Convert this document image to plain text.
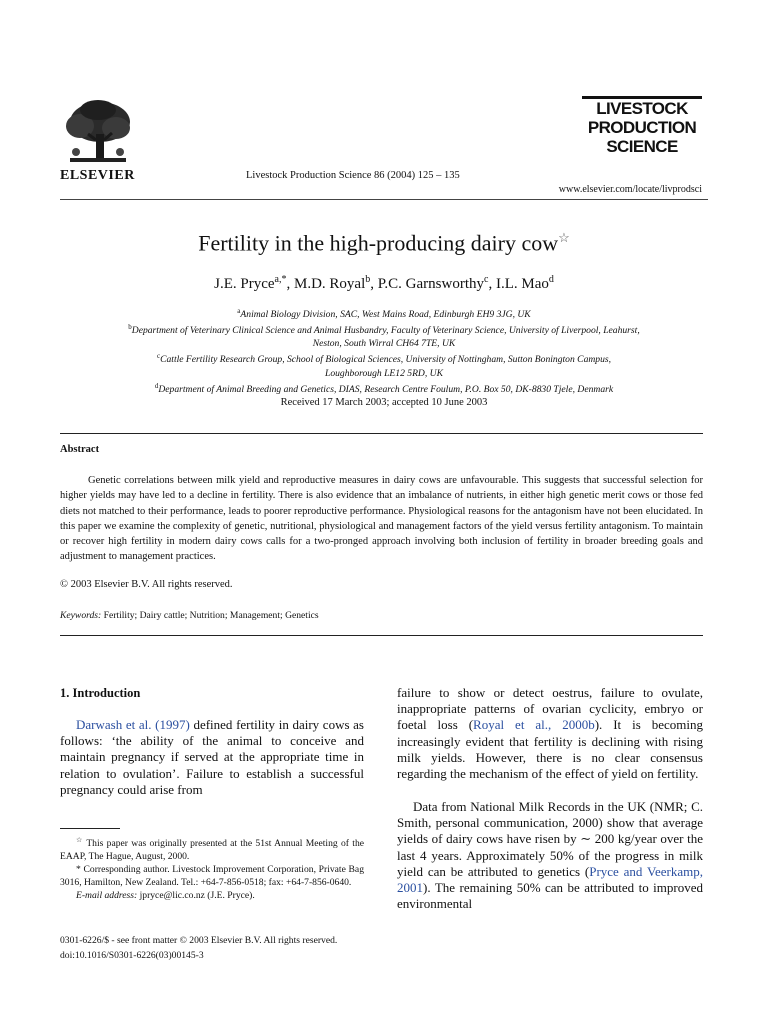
ELSEVIER	Livestock Production Science 86 (2004) 125 – 135
LIVESTOCK
PRODUCTION
SCIENCE
www.elsevier.com/locate/livprodsci
Fertility in the high-producing dairy cow☆
J.E. Pryce$^{a,*}$, M.D. Royal$^b$, P.C. Garnsworthy$^c$, I.L. Mao$^d$
$^a$Animal Biology Division, SAC, West Mains Road, Edinburgh EH9 3JG, UK
$^b$Department of Veterinary Clinical Science and Animal Husbandry, Faculty of Veterinary Science, University of Liverpool, Leahurst,
Neston, South Wirral CH64 7TE, UK
$^c$Cattle Fertility Research Group, School of Biological Sciences, University of Nottingham, Sutton Bonington Campus,
Loughborough LE12 5RD, UK
$^d$Department of Animal Breeding and Genetics, DIAS, Research Centre Foulum, P.O. Box 50, DK-8830 Tjele, Denmark
Received 17 March 2003; accepted 10 June 2003
Abstract
Genetic correlations between milk yield and reproductive measures in dairy cows are unfavourable. This suggests that successful selection for higher yields may have led to a decline in fertility. There is also evidence that an imbalance of nutrients, in either high genetic merit cows or those fed diets not matched to their performance, leads to poorer reproductive performance. Physiological reasons for the antagonism have not been elucidated. In this paper we examine the complexity of genetic, nutritional, physiological and management factors of the yield versus fertility antagonism. To maintain or recover high fertility in modern dairy cows calls for a two-pronged approach involving both inclusion of fertility in broader breeding goals and adjustment to management practices.
© 2003 Elsevier B.V. All rights reserved.
Keywords: Fertility; Dairy cattle; Nutrition; Management; Genetics
1. Introduction
Darwash et al. (1997) defined fertility in dairy cows as follows: ‘the ability of the animal to conceive and maintain pregnancy if served at the appropriate time in relation to ovulation’. Failure to establish a successful pregnancy could arise from

☆ This paper was originally presented at the 51st Annual Meeting of the EAAP, The Hague, August, 2000.

* Corresponding author. Livestock Improvement Corporation, Private Bag 3016, Hamilton, New Zealand. Tel.: +64-7-856-0518; fax: +64-7-856-0640.

E-mail address: jpryce@lic.co.nz (J.E. Pryce).

0301-6226/$ - see front matter © 2003 Elsevier B.V. All rights reserved.
doi:10.1016/S0301-6226(03)00145-3
failure to show or detect oestrus, failure to ovulate, inappropriate patterns of ovarian cyclicity, embryo or foetal loss (Royal et al., 2000b). It is becoming increasingly evident that fertility is declining with rising milk yields. However, there is no clear consensus regarding the mechanism of the effect of yield on fertility.
Data from National Milk Records in the UK (NMR; C. Smith, personal communication, 2000) show that average yields of dairy cows have risen by ∼ 200 kg/year over the last 4 years. Approximately 50% of the progress in milk yield can be attributed to genetics (Pryce and Veerkamp, 2001). The remaining 50% can be attributed to improved environmental
